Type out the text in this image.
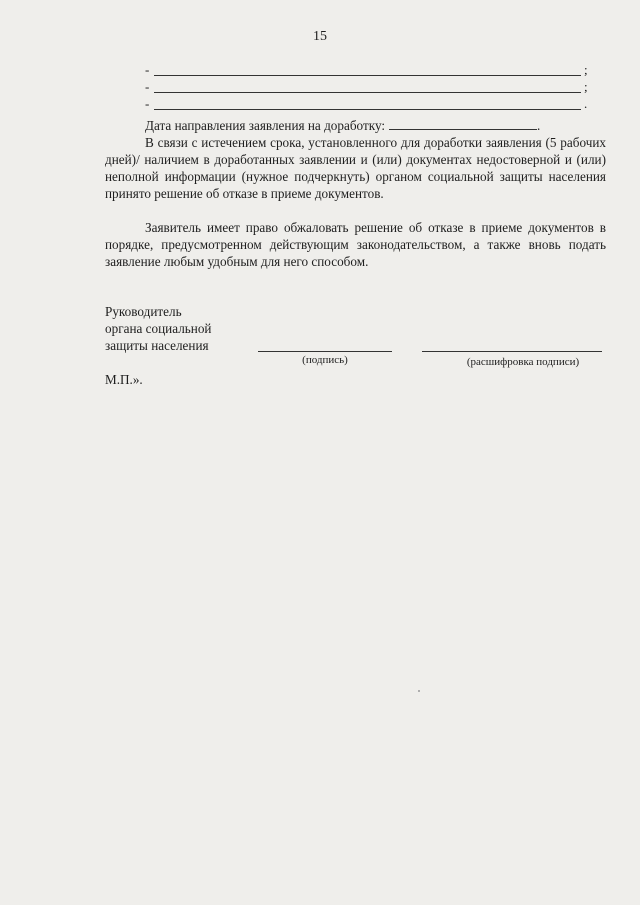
15
-	;
-	;
-	.
Дата направления заявления на доработку:	.
В связи с истечением срока, установленного для доработки заявления (5 рабочих дней)/ наличием в доработанных заявлении и (или) документах недостоверной и (или) неполной информации (нужное подчеркнуть) органом социальной защиты населения принято решение об отказе в приеме документов.
Заявитель имеет право обжаловать решение об отказе в приеме документов в порядке, предусмотренном действующим законодательством, а также вновь подать заявление любым удобным для него способом.
Руководитель
органа социальной
защиты населения
(подпись)	(расшифровка подписи)
М.П.».
